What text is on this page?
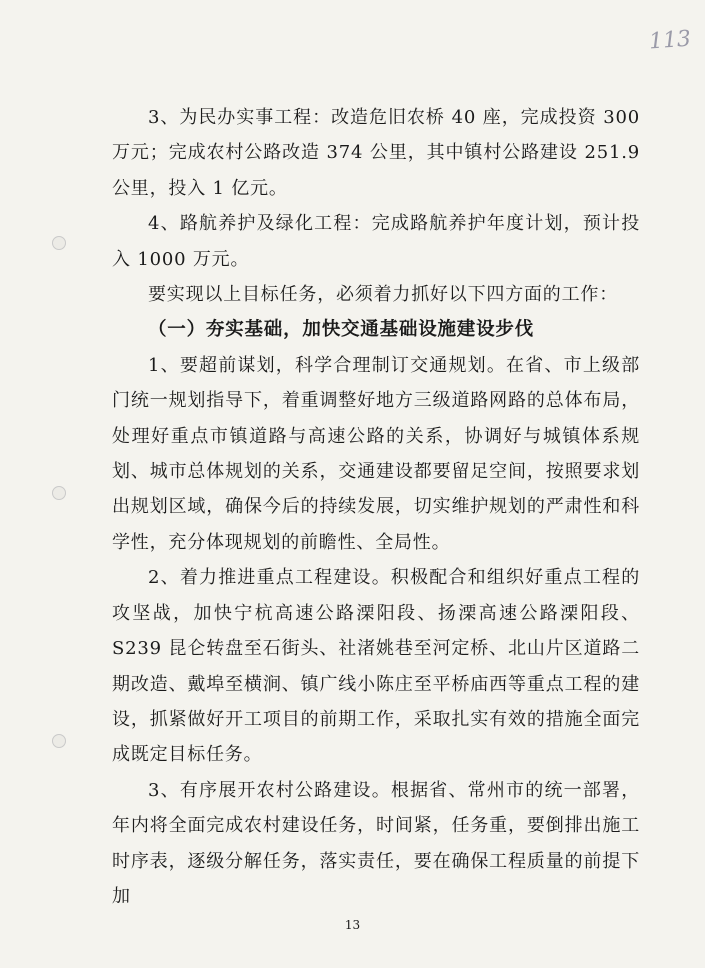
113

3、为民办实事工程：改造危旧农桥 40 座，完成投资 300 万元；完成农村公路改造 374 公里，其中镇村公路建设 251.9 公里，投入 1 亿元。

4、路航养护及绿化工程：完成路航养护年度计划，预计投入 1000 万元。

要实现以上目标任务，必须着力抓好以下四方面的工作：

（一）夯实基础，加快交通基础设施建设步伐

1、要超前谋划，科学合理制订交通规划。在省、市上级部门统一规划指导下，着重调整好地方三级道路网路的总体布局，处理好重点市镇道路与高速公路的关系，协调好与城镇体系规划、城市总体规划的关系，交通建设都要留足空间，按照要求划出规划区域，确保今后的持续发展，切实维护规划的严肃性和科学性，充分体现规划的前瞻性、全局性。

2、着力推进重点工程建设。积极配合和组织好重点工程的攻坚战，加快宁杭高速公路溧阳段、扬溧高速公路溧阳段、S239 昆仑转盘至石街头、社渚姚巷至河定桥、北山片区道路二期改造、戴埠至横涧、镇广线小陈庄至平桥庙西等重点工程的建设，抓紧做好开工项目的前期工作，采取扎实有效的措施全面完成既定目标任务。

3、有序展开农村公路建设。根据省、常州市的统一部署，年内将全面完成农村建设任务，时间紧，任务重，要倒排出施工时序表，逐级分解任务，落实责任，要在确保工程质量的前提下加

13
